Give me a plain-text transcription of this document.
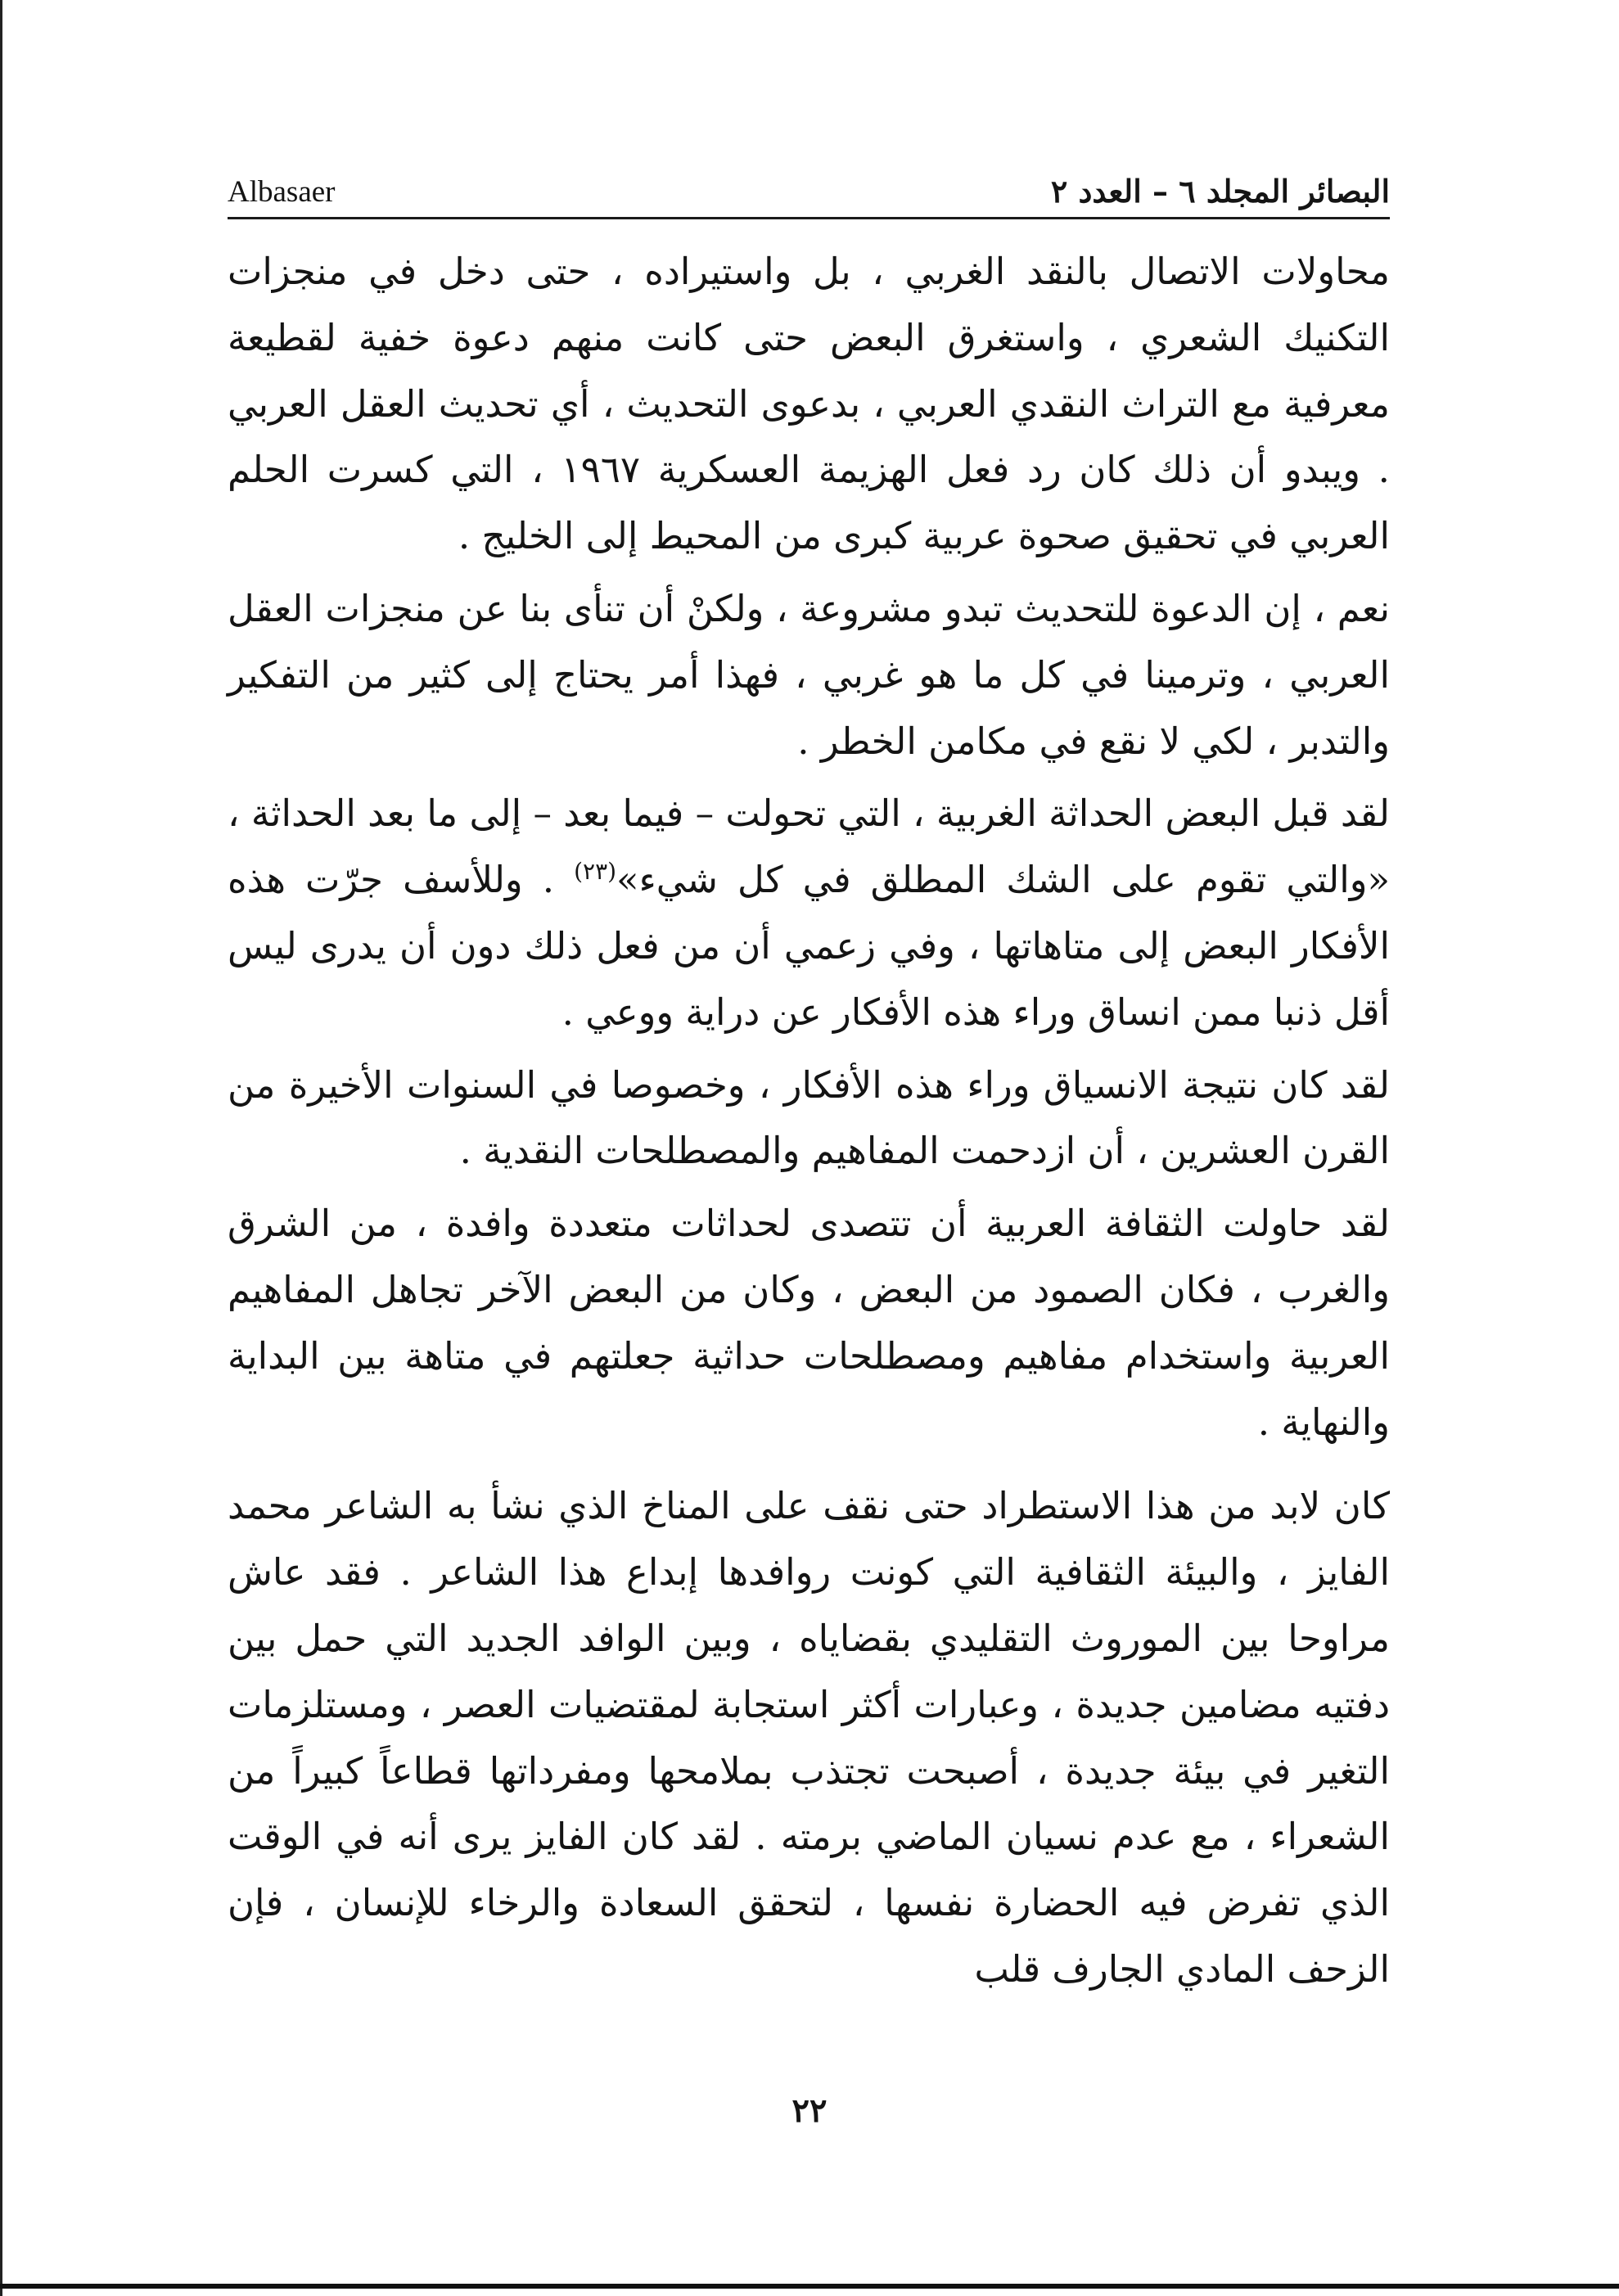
البصائر المجلد ٦ – العدد ٢
Albasaer

محاولات الاتصال بالنقد الغربي ، بل واستيراده ، حتى دخل في منجزات التكنيك الشعري ، واستغرق البعض حتى كانت منهم دعوة خفية لقطيعة معرفية مع التراث النقدي العربي ، بدعوى التحديث ، أي تحديث العقل العربي . ويبدو أن ذلك كان رد فعل الهزيمة العسكرية ١٩٦٧ ، التي كسرت الحلم العربي في تحقيق صحوة عربية كبرى من المحيط إلى الخليج .

نعم ، إن الدعوة للتحديث تبدو مشروعة ، ولكنْ أن تنأى بنا عن منجزات العقل العربي ، وترمينا في كل ما هو غربي ، فهذا أمر يحتاج إلى كثير من التفكير والتدبر ، لكي لا نقع في مكامن الخطر .

لقد قبل البعض الحداثة الغربية ، التي تحولت – فيما بعد – إلى ما بعد الحداثة ، «والتي تقوم على الشك المطلق في كل شيء»$^{(٢٣)}$ . وللأسف جرّت هذه الأفكار البعض إلى متاهاتها ، وفي زعمي أن من فعل ذلك دون أن يدرى ليس أقل ذنبا ممن انساق وراء هذه الأفكار عن دراية ووعي .

لقد كان نتيجة الانسياق وراء هذه الأفكار ، وخصوصا في السنوات الأخيرة من القرن العشرين ، أن ازدحمت المفاهيم والمصطلحات النقدية .

لقد حاولت الثقافة العربية أن تتصدى لحداثات متعددة وافدة ، من الشرق والغرب ، فكان الصمود من البعض ، وكان من البعض الآخر تجاهل المفاهيم العربية واستخدام مفاهيم ومصطلحات حداثية جعلتهم في متاهة بين البداية والنهاية .

كان لابد من هذا الاستطراد حتى نقف على المناخ الذي نشأ به الشاعر محمد الفايز ، والبيئة الثقافية التي كونت روافدها إبداع هذا الشاعر . فقد عاش مراوحا بين الموروث التقليدي بقضاياه ، وبين الوافد الجديد التي حمل بين دفتيه مضامين جديدة ، وعبارات أكثر استجابة لمقتضيات العصر ، ومستلزمات التغير في بيئة جديدة ، أصبحت تجتذب بملامحها ومفرداتها قطاعاً كبيراً من الشعراء ، مع عدم نسيان الماضي برمته . لقد كان الفايز يرى أنه في الوقت الذي تفرض فيه الحضارة نفسها ، لتحقق السعادة والرخاء للإنسان ، فإن الزحف المادي الجارف قلب

٢٢
